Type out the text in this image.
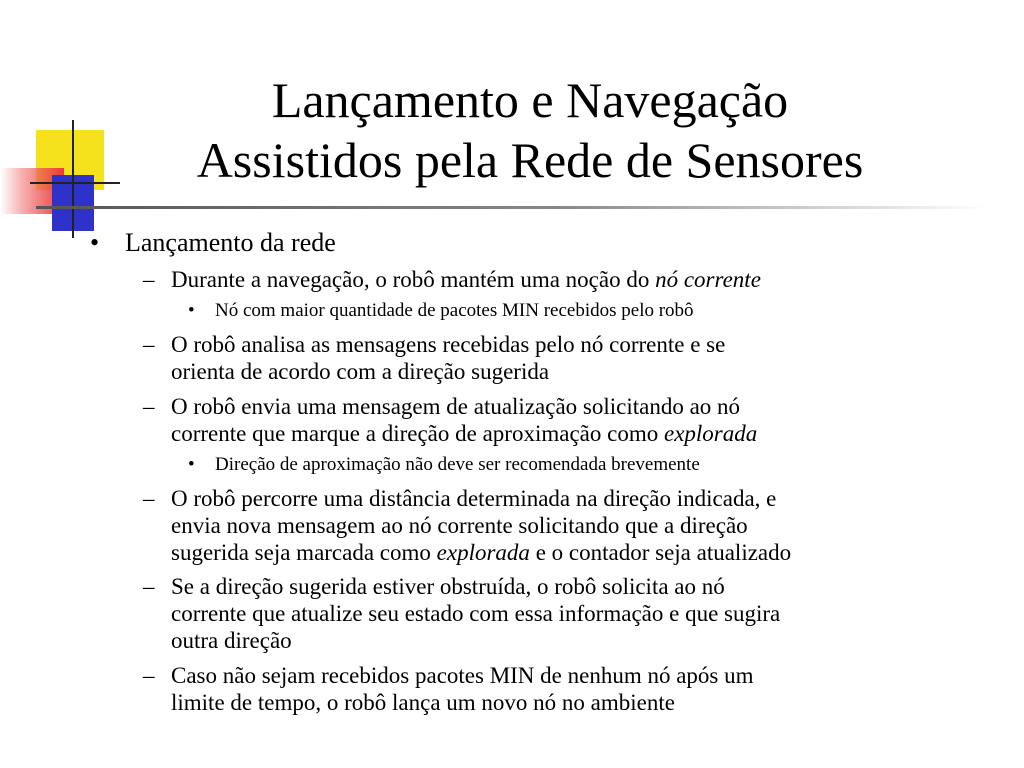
Lançamento e Navegação
Assistidos pela Rede de Sensores
• Lançamento da rede
– Durante a navegação, o robô mantém uma noção do nó corrente
• Nó com maior quantidade de pacotes MIN recebidos pelo robô
– O robô analisa as mensagens recebidas pelo nó corrente e se
orienta de acordo com a direção sugerida
– O robô envia uma mensagem de atualização solicitando ao nó
corrente que marque a direção de aproximação como explorada
• Direção de aproximação não deve ser recomendada brevemente
– O robô percorre uma distância determinada na direção indicada, e
envia nova mensagem ao nó corrente solicitando que a direção
sugerida seja marcada como explorada e o contador seja atualizado
– Se a direção sugerida estiver obstruída, o robô solicita ao nó
corrente que atualize seu estado com essa informação e que sugira
outra direção
– Caso não sejam recebidos pacotes MIN de nenhum nó após um
limite de tempo, o robô lança um novo nó no ambiente
